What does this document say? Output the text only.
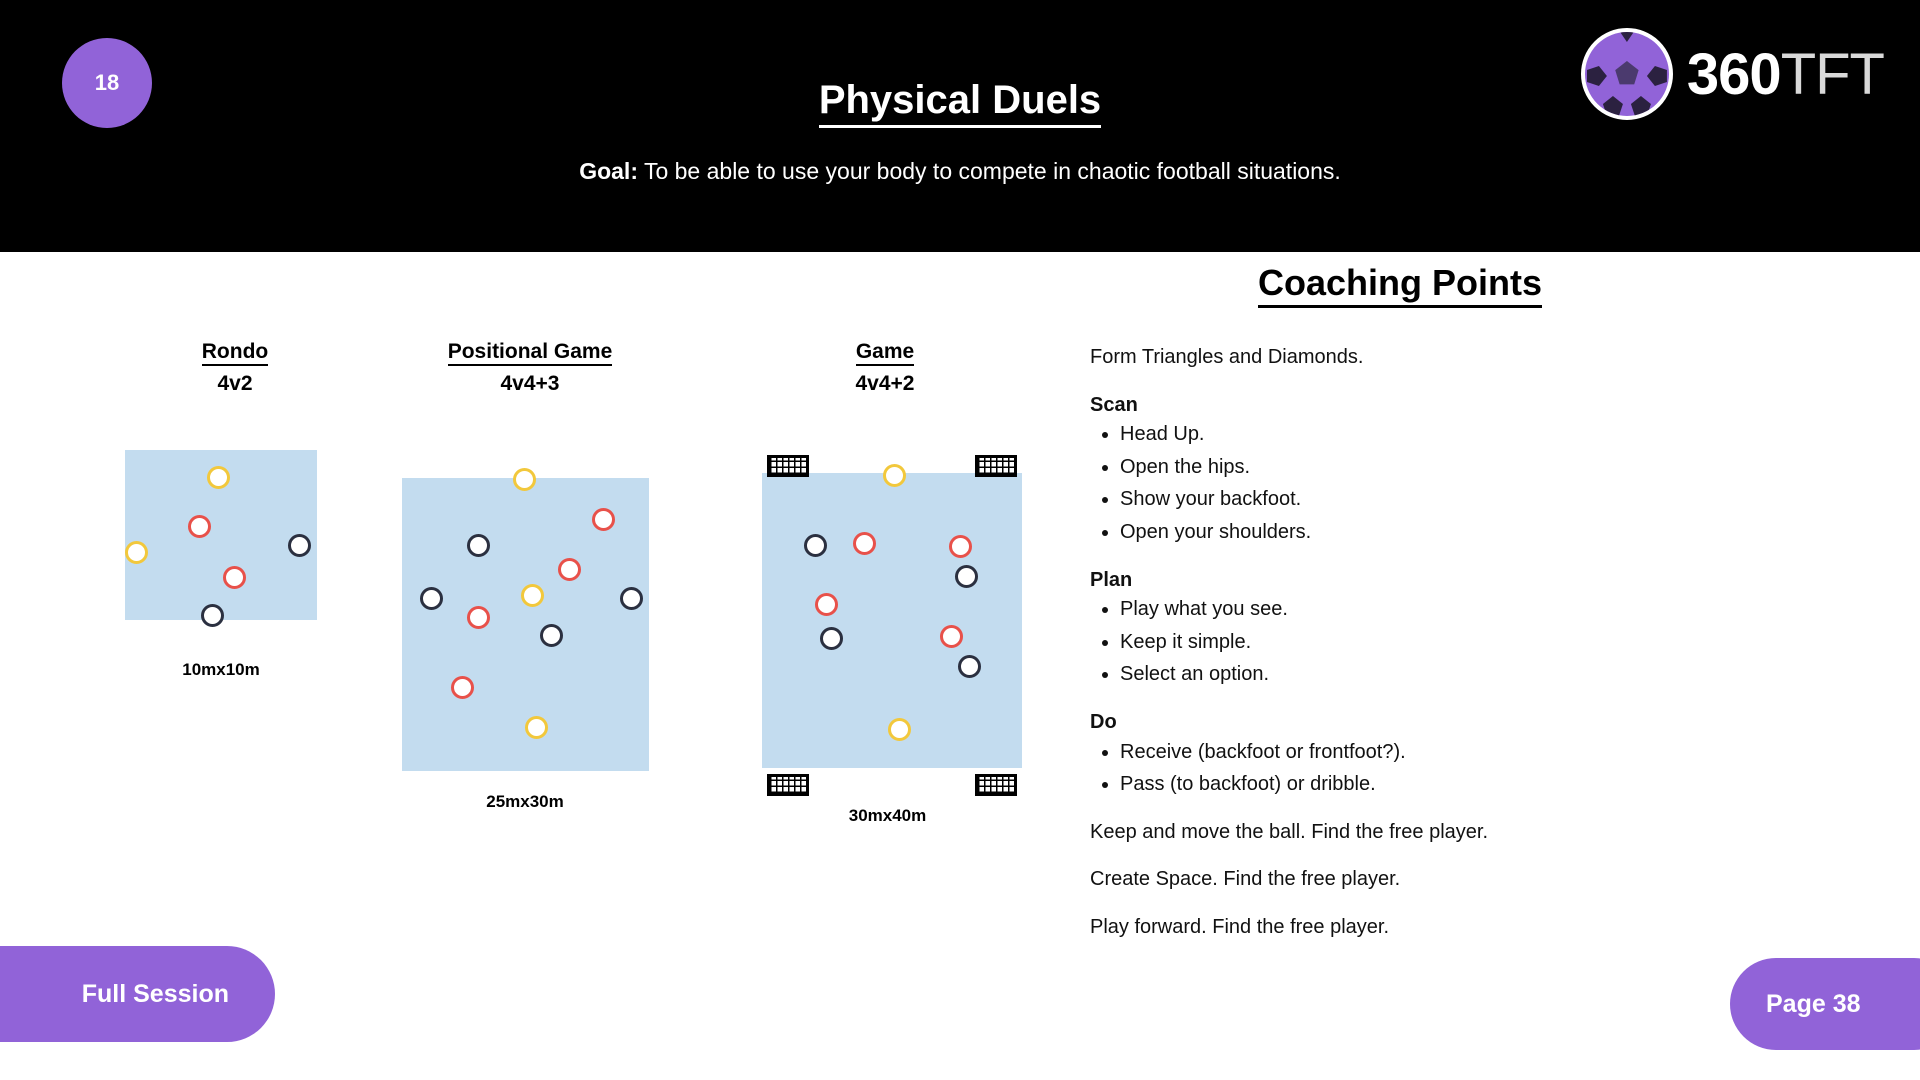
18	Physical Duels
Goal: To be able to use your body to compete in chaotic football situations.
360TFT
Rondo
4v2
10mx10m
Positional Game
4v4+3
25mx30m
Game
4v4+2
30mx40m
Coaching Points
Form Triangles and Diamonds.
Scan
• Head Up.
• Open the hips.
• Show your backfoot.
• Open your shoulders.
Plan
• Play what you see.
• Keep it simple.
• Select an option.
Do
• Receive (backfoot or frontfoot?).
• Pass (to backfoot) or dribble.
Keep and move the ball. Find the free player.
Create Space. Find the free player.
Play forward. Find the free player.
Full Session	Page 38
